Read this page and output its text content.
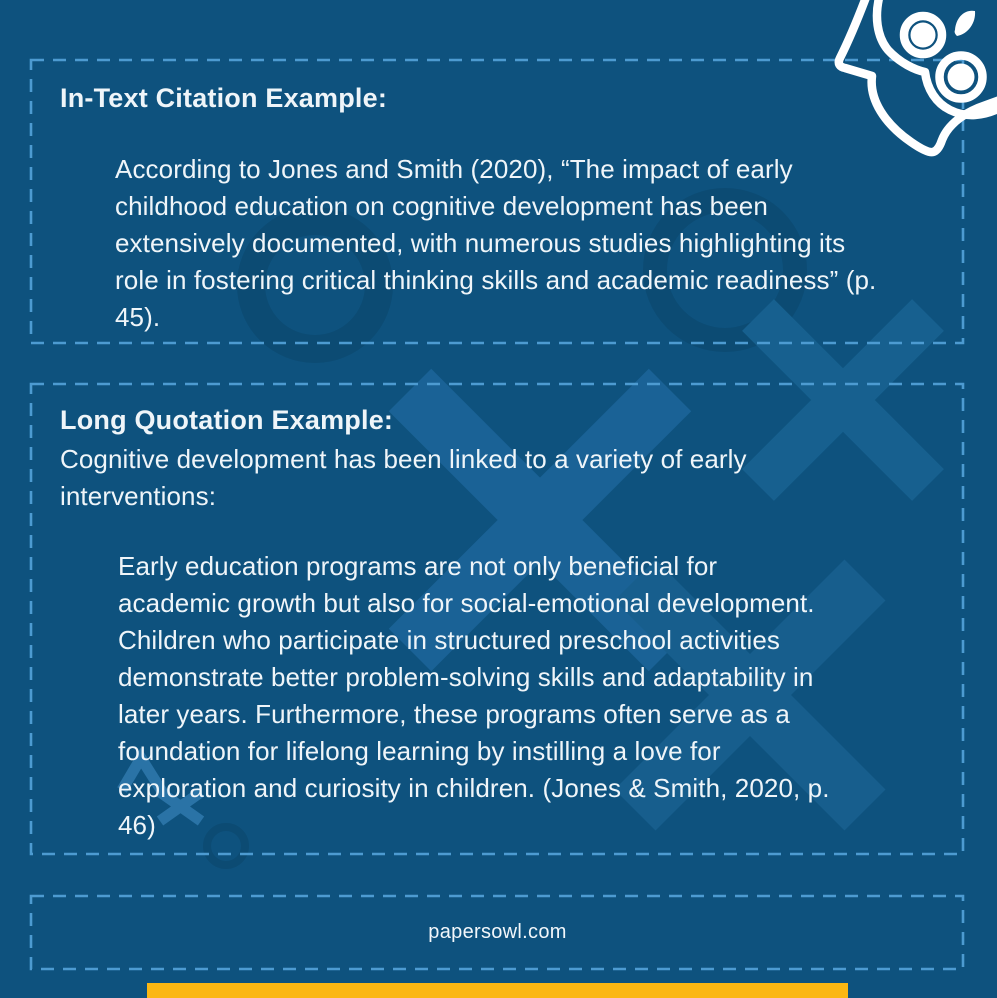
In-Text Citation Example:
According to Jones and Smith (2020), “The impact of early
childhood education on cognitive development has been
extensively documented, with numerous studies highlighting its
role in fostering critical thinking skills and academic readiness” (p.
45).
Long Quotation Example:
Cognitive development has been linked to a variety of early
interventions:
Early education programs are not only beneficial for
academic growth but also for social-emotional development.
Children who participate in structured preschool activities
demonstrate better problem-solving skills and adaptability in
later years. Furthermore, these programs often serve as a
foundation for lifelong learning by instilling a love for
exploration and curiosity in children. (Jones & Smith, 2020, p.
46)
papersowl.com
